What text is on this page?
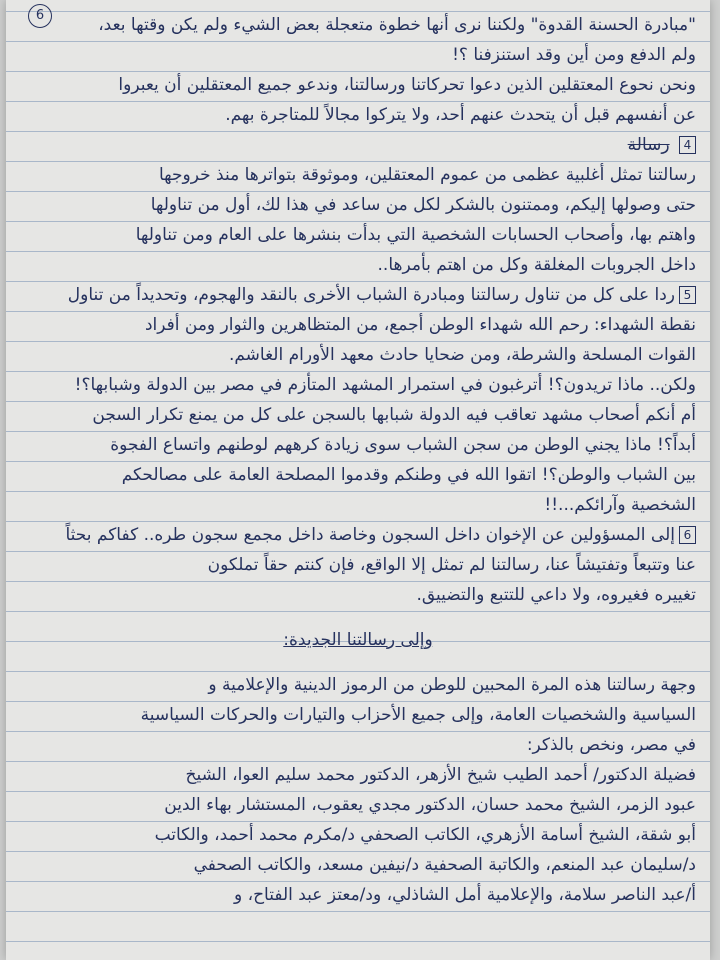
6	"مبادرة الحسنة القدوة" ولكننا نرى أنها خطوة متعجلة بعض الشيء ولم يكن وقتها بعد،
ولم الدفع ومن أين وقد استنزفنا ؟!
ونحن نحوع المعتقلين الذين دعوا تحركاتنا ورسالتنا، وندعو جميع المعتقلين أن يعبروا
عن أنفسهم قبل أن يتحدث عنهم أحد، ولا يتركوا مجالاً للمتاجرة بهم.
4 رسالة
رسالتنا تمثل أغلبية عظمى من عموم المعتقلين، وموثوقة بتواترها منذ خروجها
حتى وصولها إليكم، وممتنون بالشكر لكل من ساعد في هذا لك، أول من تناولها
واهتم بها، وأصحاب الحسابات الشخصية التي بدأت بنشرها على العام ومن تناولها
داخل الجروبات المغلقة وكل من اهتم بأمرها..
5ردا على كل من تناول رسالتنا ومبادرة الشباب الأخرى بالنقد والهجوم، وتحديداً من تناول
نقطة الشهداء: رحم الله شهداء الوطن أجمع، من المتظاهرين والثوار ومن أفراد
القوات المسلحة والشرطة، ومن ضحايا حادث معهد الأورام الغاشم.
ولكن.. ماذا تريدون؟! أترغبون في استمرار المشهد المتأزم في مصر بين الدولة وشبابها؟!
أم أنكم أصحاب مشهد تعاقب فيه الدولة شبابها بالسجن على كل من يمنع تكرار السجن
أبداً؟! ماذا يجني الوطن من سجن الشباب سوى زيادة كرههم لوطنهم واتساع الفجوة
بين الشباب والوطن؟! اتقوا الله في وطنكم وقدموا المصلحة العامة على مصالحكم
الشخصية وآرائكم...!!
6إلى المسؤولين عن الإخوان داخل السجون وخاصة داخل مجمع سجون طره.. كفاكم بحثاً
عنا وتتبعاً وتفتيشاً عنا، رسالتنا لم تمثل إلا الواقع، فإن كنتم حقاً تملكون
تغييره فغيروه، ولا داعي للتتبع والتضييق.
وإلى رسالتنا الجديدة:
وجهة رسالتنا هذه المرة المحبين للوطن من الرموز الدينية والإعلامية و
السياسية والشخصيات العامة، وإلى جميع الأحزاب والتيارات والحركات السياسية
في مصر، ونخص بالذكر:
فضيلة الدكتور/ أحمد الطيب شيخ الأزهر، الدكتور محمد سليم العوا، الشيخ
عبود الزمر، الشيخ محمد حسان، الدكتور مجدي يعقوب، المستشار بهاء الدين
أبو شقة، الشيخ أسامة الأزهري، الكاتب الصحفي د/مكرم محمد أحمد، والكاتب
د/سليمان عبد المنعم، والكاتبة الصحفية د/نيفين مسعد، والكاتب الصحفي
أ/عبد الناصر سلامة، والإعلامية أمل الشاذلي، ود/معتز عبد الفتاح، و
